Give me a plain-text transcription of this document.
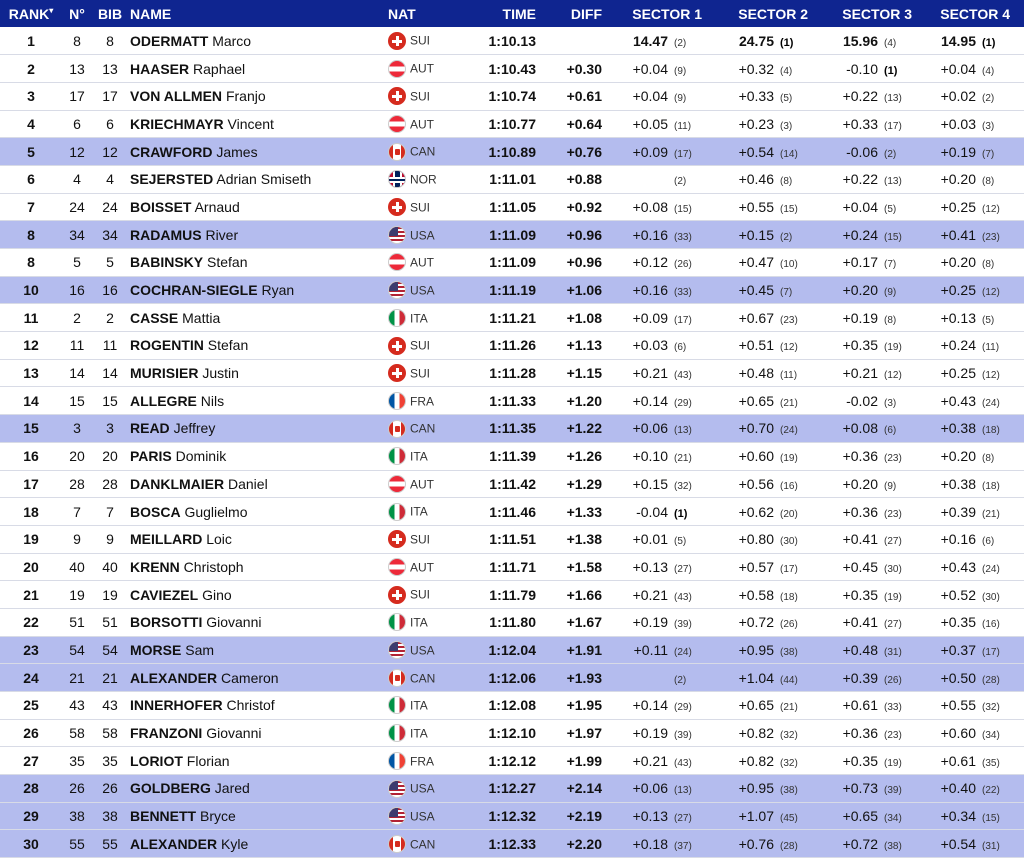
RANK▾	N°	BIB	NAME	NAT	TIME	DIFF	SECTOR 1	SECTOR 2	SECTOR 3	SECTOR 4
1	8	8	ODERMATT Marco	SUI	1:10.13		14.47 (2)	24.75 (1)	15.96 (4)	14.95 (1)
2	13	13	HAASER Raphael	AUT	1:10.43	+0.30	+0.04 (9)	+0.32 (4)	-0.10 (1)	+0.04 (4)
3	17	17	VON ALLMEN Franjo	SUI	1:10.74	+0.61	+0.04 (9)	+0.33 (5)	+0.22 (13)	+0.02 (2)
4	6	6	KRIECHMAYR Vincent	AUT	1:10.77	+0.64	+0.05 (11)	+0.23 (3)	+0.33 (17)	+0.03 (3)
5	12	12	CRAWFORD James	CAN	1:10.89	+0.76	+0.09 (17)	+0.54 (14)	-0.06 (2)	+0.19 (7)
6	4	4	SEJERSTED Adrian Smiseth	NOR	1:11.01	+0.88	(2)	+0.46 (8)	+0.22 (13)	+0.20 (8)
7	24	24	BOISSET Arnaud	SUI	1:11.05	+0.92	+0.08 (15)	+0.55 (15)	+0.04 (5)	+0.25 (12)
8	34	34	RADAMUS River	USA	1:11.09	+0.96	+0.16 (33)	+0.15 (2)	+0.24 (15)	+0.41 (23)
8	5	5	BABINSKY Stefan	AUT	1:11.09	+0.96	+0.12 (26)	+0.47 (10)	+0.17 (7)	+0.20 (8)
10	16	16	COCHRAN-SIEGLE Ryan	USA	1:11.19	+1.06	+0.16 (33)	+0.45 (7)	+0.20 (9)	+0.25 (12)
11	2	2	CASSE Mattia	ITA	1:11.21	+1.08	+0.09 (17)	+0.67 (23)	+0.19 (8)	+0.13 (5)
12	11	11	ROGENTIN Stefan	SUI	1:11.26	+1.13	+0.03 (6)	+0.51 (12)	+0.35 (19)	+0.24 (11)
13	14	14	MURISIER Justin	SUI	1:11.28	+1.15	+0.21 (43)	+0.48 (11)	+0.21 (12)	+0.25 (12)
14	15	15	ALLEGRE Nils	FRA	1:11.33	+1.20	+0.14 (29)	+0.65 (21)	-0.02 (3)	+0.43 (24)
15	3	3	READ Jeffrey	CAN	1:11.35	+1.22	+0.06 (13)	+0.70 (24)	+0.08 (6)	+0.38 (18)
16	20	20	PARIS Dominik	ITA	1:11.39	+1.26	+0.10 (21)	+0.60 (19)	+0.36 (23)	+0.20 (8)
17	28	28	DANKLMAIER Daniel	AUT	1:11.42	+1.29	+0.15 (32)	+0.56 (16)	+0.20 (9)	+0.38 (18)
18	7	7	BOSCA Guglielmo	ITA	1:11.46	+1.33	-0.04 (1)	+0.62 (20)	+0.36 (23)	+0.39 (21)
19	9	9	MEILLARD Loic	SUI	1:11.51	+1.38	+0.01 (5)	+0.80 (30)	+0.41 (27)	+0.16 (6)
20	40	40	KRENN Christoph	AUT	1:11.71	+1.58	+0.13 (27)	+0.57 (17)	+0.45 (30)	+0.43 (24)
21	19	19	CAVIEZEL Gino	SUI	1:11.79	+1.66	+0.21 (43)	+0.58 (18)	+0.35 (19)	+0.52 (30)
22	51	51	BORSOTTI Giovanni	ITA	1:11.80	+1.67	+0.19 (39)	+0.72 (26)	+0.41 (27)	+0.35 (16)
23	54	54	MORSE Sam	USA	1:12.04	+1.91	+0.11 (24)	+0.95 (38)	+0.48 (31)	+0.37 (17)
24	21	21	ALEXANDER Cameron	CAN	1:12.06	+1.93	(2)	+1.04 (44)	+0.39 (26)	+0.50 (28)
25	43	43	INNERHOFER Christof	ITA	1:12.08	+1.95	+0.14 (29)	+0.65 (21)	+0.61 (33)	+0.55 (32)
26	58	58	FRANZONI Giovanni	ITA	1:12.10	+1.97	+0.19 (39)	+0.82 (32)	+0.36 (23)	+0.60 (34)
27	35	35	LORIOT Florian	FRA	1:12.12	+1.99	+0.21 (43)	+0.82 (32)	+0.35 (19)	+0.61 (35)
28	26	26	GOLDBERG Jared	USA	1:12.27	+2.14	+0.06 (13)	+0.95 (38)	+0.73 (39)	+0.40 (22)
29	38	38	BENNETT Bryce	USA	1:12.32	+2.19	+0.13 (27)	+1.07 (45)	+0.65 (34)	+0.34 (15)
30	55	55	ALEXANDER Kyle	CAN	1:12.33	+2.20	+0.18 (37)	+0.76 (28)	+0.72 (38)	+0.54 (31)
